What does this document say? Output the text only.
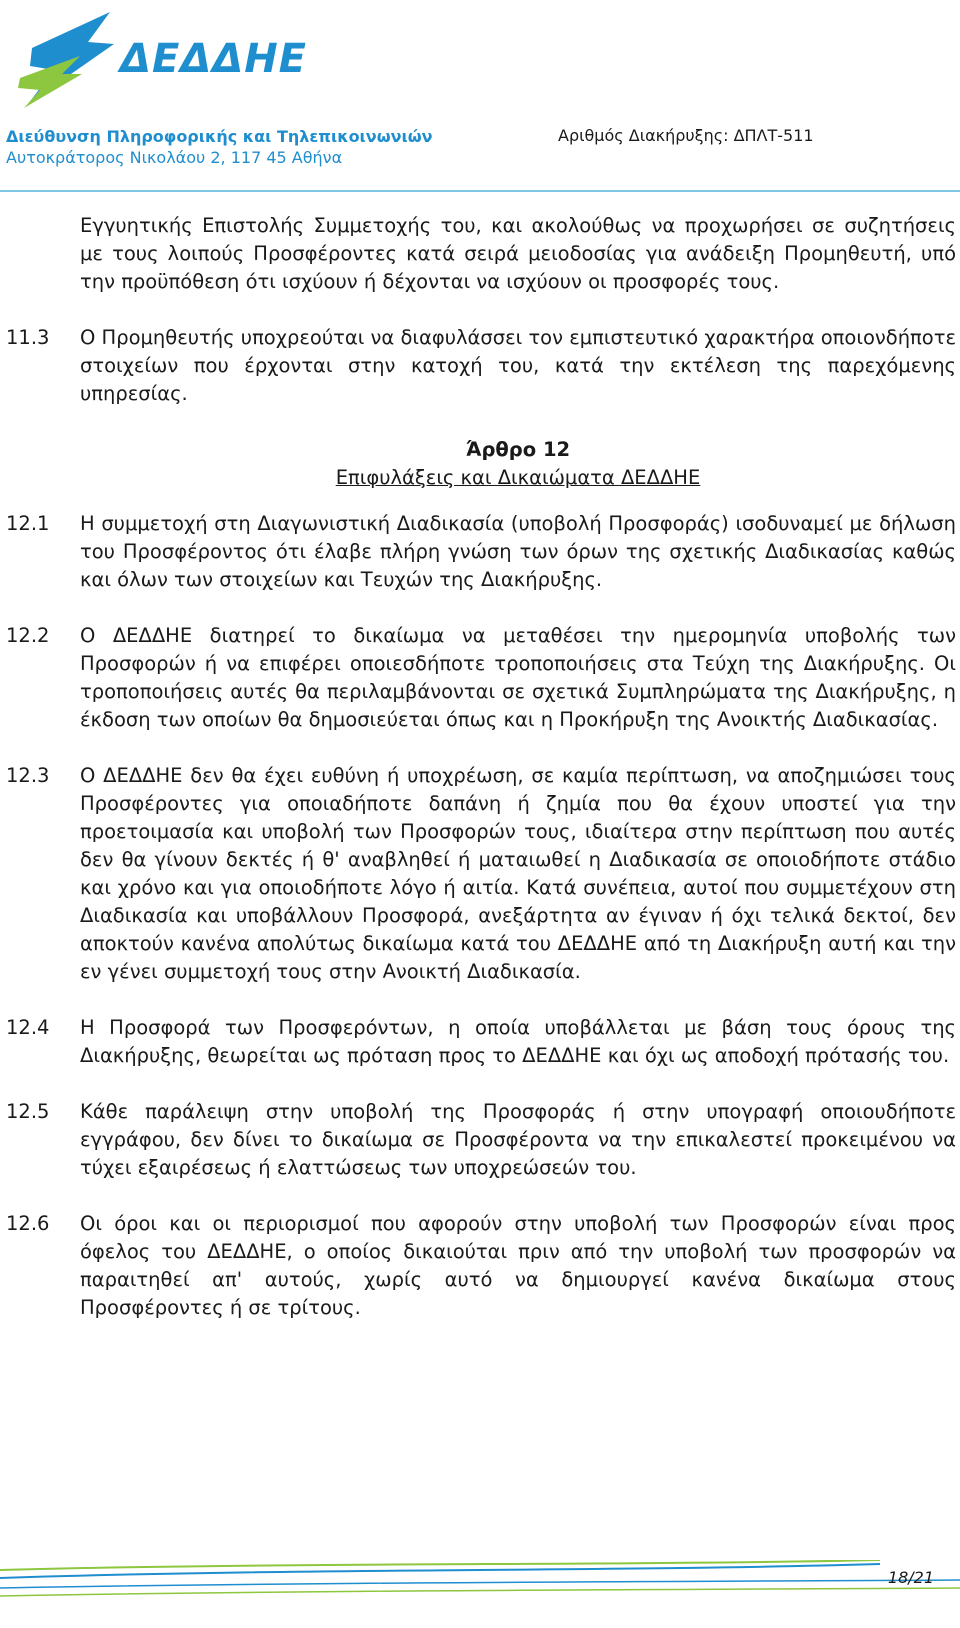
ΔΕΔΔΗΕ
Διεύθυνση Πληροφορικής και Τηλεπικοινωνιών
Αυτοκράτορος Νικολάου 2, 117 45 Αθήνα
Αριθμός Διακήρυξης: ΔΠΛΤ-511
Εγγυητικής Επιστολής Συμμετοχής του, και ακολούθως να προχωρήσει σε συζητήσεις με τους λοιπούς Προσφέροντες κατά σειρά μειοδοσίας για ανάδειξη Προμηθευτή, υπό την προϋπόθεση ότι ισχύουν ή δέχονται να ισχύουν οι προσφορές τους.
11.3	Ο Προμηθευτής υποχρεούται να διαφυλάσσει τον εμπιστευτικό χαρακτήρα οποιονδήποτε στοιχείων που έρχονται στην κατοχή του, κατά την εκτέλεση της παρεχόμενης υπηρεσίας.
Άρθρο 12
Επιφυλάξεις και Δικαιώματα ΔΕΔΔΗΕ
12.1	Η συμμετοχή στη Διαγωνιστική Διαδικασία (υποβολή Προσφοράς) ισοδυναμεί με δήλωση του Προσφέροντος ότι έλαβε πλήρη γνώση των όρων της σχετικής Διαδικασίας καθώς και όλων των στοιχείων και Τευχών της Διακήρυξης.
12.2	Ο ΔΕΔΔΗΕ διατηρεί το δικαίωμα να μεταθέσει την ημερομηνία υποβολής των Προσφορών ή να επιφέρει οποιεσδήποτε τροποποιήσεις στα Τεύχη της Διακήρυξης. Οι τροποποιήσεις αυτές θα περιλαμβάνονται σε σχετικά Συμπληρώματα της Διακήρυξης, η έκδοση των οποίων θα δημοσιεύεται όπως και η Προκήρυξη της Ανοικτής Διαδικασίας.
12.3	Ο ΔΕΔΔΗΕ δεν θα έχει ευθύνη ή υποχρέωση, σε καμία περίπτωση, να αποζημιώσει τους Προσφέροντες για οποιαδήποτε δαπάνη ή ζημία που θα έχουν υποστεί για την προετοιμασία και υποβολή των Προσφορών τους, ιδιαίτερα στην περίπτωση που αυτές δεν θα γίνουν δεκτές ή θ' αναβληθεί ή ματαιωθεί η Διαδικασία σε οποιοδήποτε στάδιο και χρόνο και για οποιοδήποτε λόγο ή αιτία. Κατά συνέπεια, αυτοί που συμμετέχουν στη Διαδικασία και υποβάλλουν Προσφορά, ανεξάρτητα αν έγιναν ή όχι τελικά δεκτοί, δεν αποκτούν κανένα απολύτως δικαίωμα κατά του ΔΕΔΔΗΕ από τη Διακήρυξη αυτή και την εν γένει συμμετοχή τους στην Ανοικτή Διαδικασία.
12.4	Η Προσφορά των Προσφερόντων, η οποία υποβάλλεται με βάση τους όρους της Διακήρυξης, θεωρείται ως πρόταση προς το ΔΕΔΔΗΕ και όχι ως αποδοχή πρότασής του.
12.5	Κάθε παράλειψη στην υποβολή της Προσφοράς ή στην υπογραφή οποιουδήποτε εγγράφου, δεν δίνει το δικαίωμα σε Προσφέροντα να την επικαλεστεί προκειμένου να τύχει εξαιρέσεως ή ελαττώσεως των υποχρεώσεών του.
12.6	Οι όροι και οι περιορισμοί που αφορούν στην υποβολή των Προσφορών είναι προς όφελος του ΔΕΔΔΗΕ, ο οποίος δικαιούται πριν από την υποβολή των προσφορών να παραιτηθεί απ' αυτούς, χωρίς αυτό να δημιουργεί κανένα δικαίωμα στους Προσφέροντες ή σε τρίτους.
18/21
